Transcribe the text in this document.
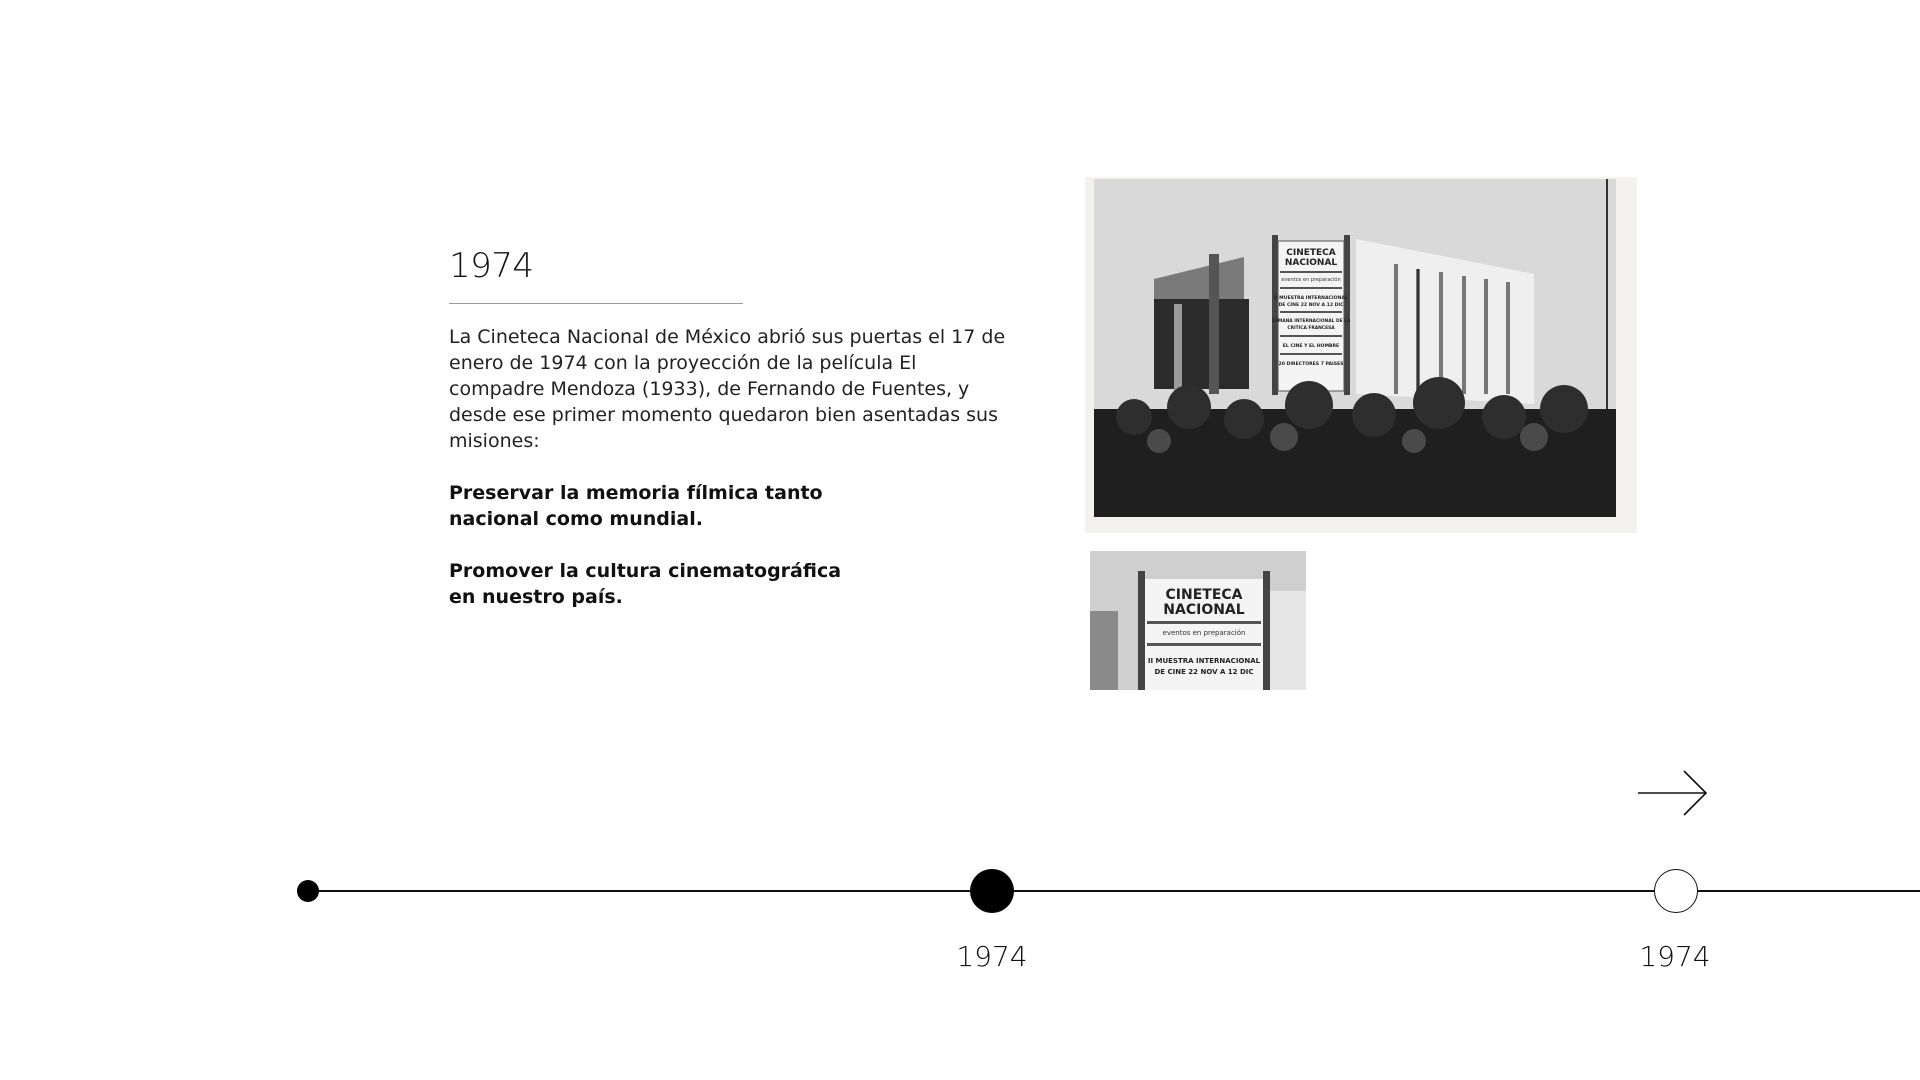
1974
La Cineteca Nacional de México abrió sus puertas el 17 de enero de 1974 con la proyección de la película El compadre Mendoza (1933), de Fernando de Fuentes, y desde ese primer momento quedaron bien asentadas sus misiones:
Preservar la memoria fílmica tanto nacional como mundial.
Promover la cultura cinematográfica en nuestro país.
CINETECA
NACIONAL
eventos en preparación
II MUESTRA INTERNACIONAL
DE CINE 22 NOV A 12 DIC
SEMANA INTERNACIONAL DE LA
CRITICA FRANCESA
EL CINE Y EL HOMBRE
20 DIRECTORES 7 PAISES
CINETECA
NACIONAL
eventos en preparación
II MUESTRA INTERNACIONAL
DE CINE 22 NOV A 12 DIC
1974	1974
